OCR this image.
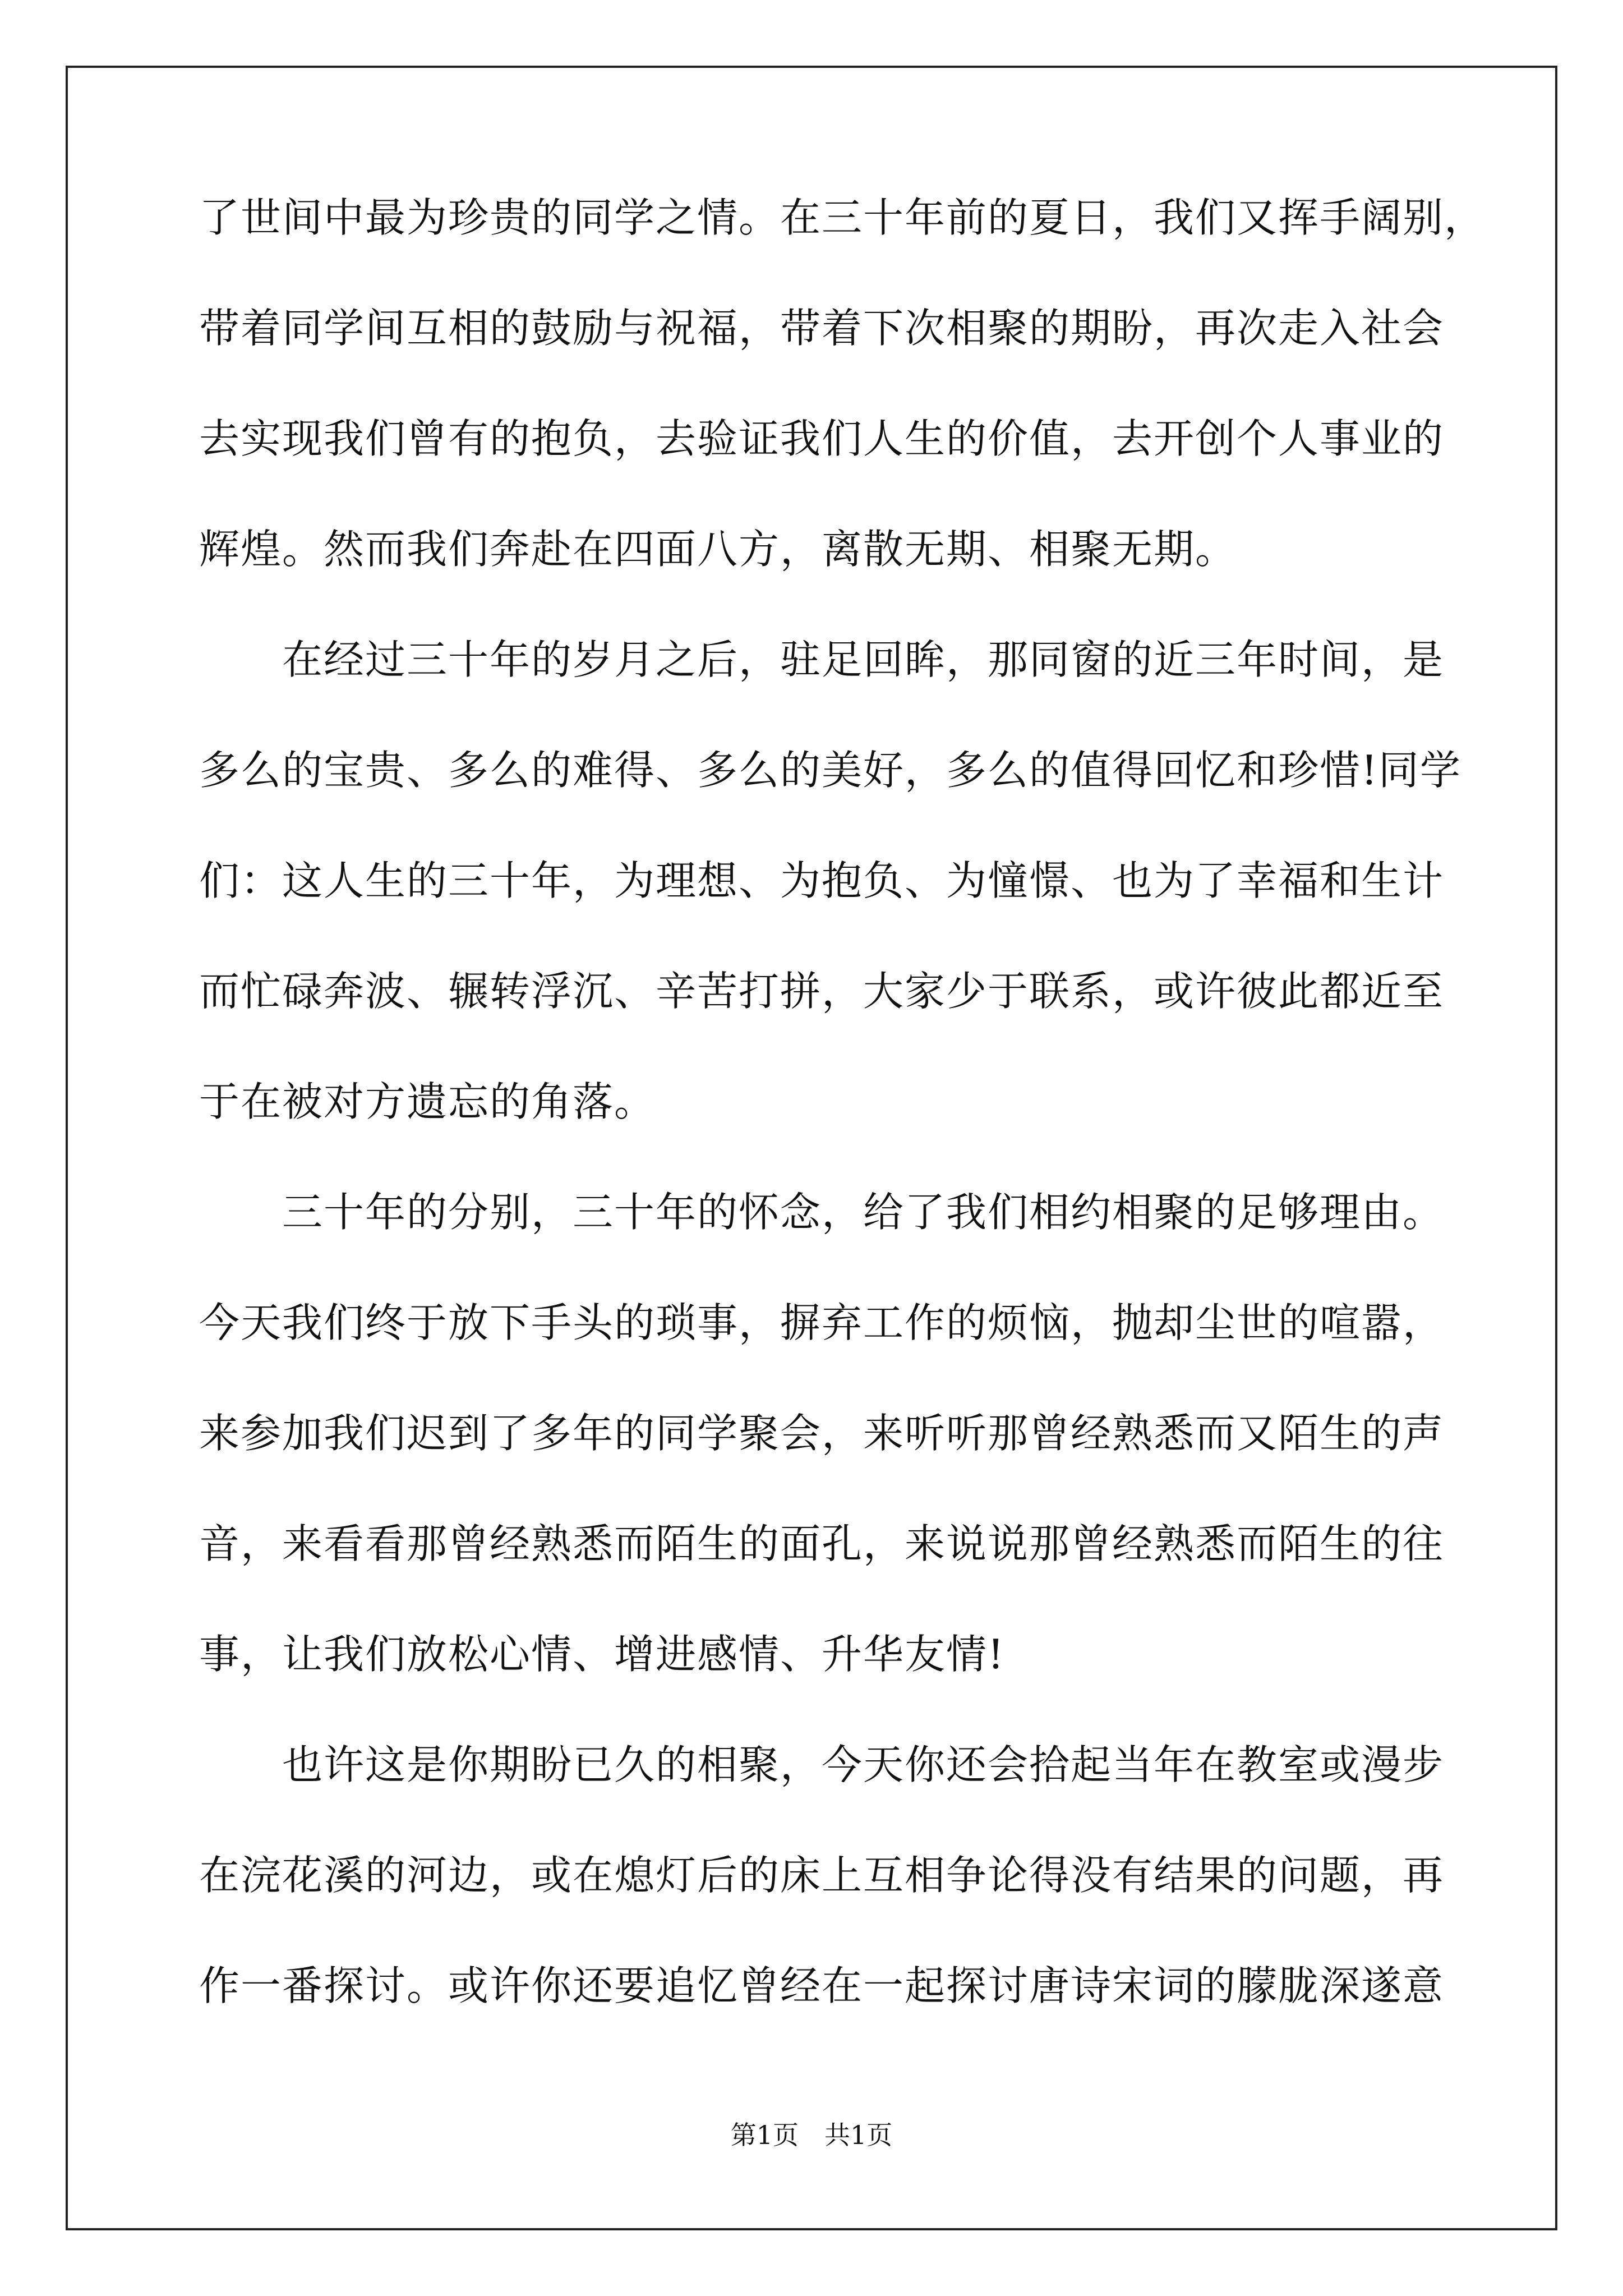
了世间中最为珍贵的同学之情。在三十年前的夏日，我们又挥手阔别，
带着同学间互相的鼓励与祝福，带着下次相聚的期盼，再次走入社会
去实现我们曾有的抱负，去验证我们人生的价值，去开创个人事业的
辉煌。然而我们奔赴在四面八方，离散无期、相聚无期。
　　在经过三十年的岁月之后，驻足回眸，那同窗的近三年时间，是
多么的宝贵、多么的难得、多么的美好，多么的值得回忆和珍惜!同学
们：这人生的三十年，为理想、为抱负、为憧憬、也为了幸福和生计
而忙碌奔波、辗转浮沉、辛苦打拼，大家少于联系，或许彼此都近至
于在被对方遗忘的角落。
　　三十年的分别，三十年的怀念，给了我们相约相聚的足够理由。
今天我们终于放下手头的琐事，摒弃工作的烦恼，抛却尘世的喧嚣，
来参加我们迟到了多年的同学聚会，来听听那曾经熟悉而又陌生的声
音，来看看那曾经熟悉而陌生的面孔，来说说那曾经熟悉而陌生的往
事，让我们放松心情、增进感情、升华友情!
　　也许这是你期盼已久的相聚，今天你还会拾起当年在教室或漫步
在浣花溪的河边，或在熄灯后的床上互相争论得没有结果的问题，再
作一番探讨。或许你还要追忆曾经在一起探讨唐诗宋词的朦胧深遂意
第1页　共1页
